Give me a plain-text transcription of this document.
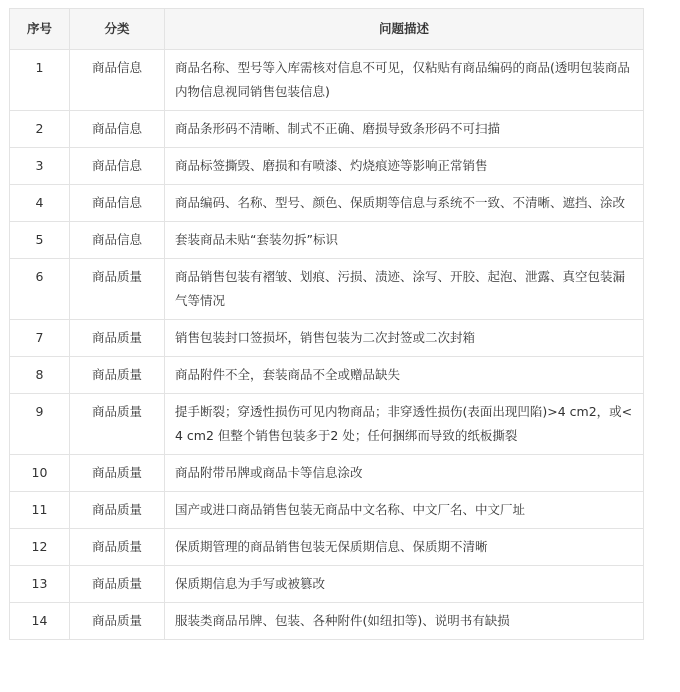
序号	分类	问题描述
1	商品信息	商品名称、型号等入库需核对信息不可见，仅粘贴有商品编码的商品(透明包装商品内物信息视同销售包装信息)
2	商品信息	商品条形码不清晰、制式不正确、磨损导致条形码不可扫描
3	商品信息	商品标签撕毁、磨损和有喷漆、灼烧痕迹等影响正常销售
4	商品信息	商品编码、名称、型号、颜色、保质期等信息与系统不一致、不清晰、遮挡、涂改
5	商品信息	套装商品未贴“套装勿拆”标识
6	商品质量	商品销售包装有褶皱、划痕、污损、渍迹、涂写、开胶、起泡、泄露、真空包装漏气等情况
7	商品质量	销售包装封口签损坏，销售包装为二次封签或二次封箱
8	商品质量	商品附件不全，套装商品不全或赠品缺失
9	商品质量	提手断裂；穿透性损伤可见内物商品；非穿透性损伤(表面出现凹陷)>4 cm2，或<4 cm2 但整个销售包装多于2 处；任何捆绑而导致的纸板撕裂
10	商品质量	商品附带吊牌或商品卡等信息涂改
11	商品质量	国产或进口商品销售包装无商品中文名称、中文厂名、中文厂址
12	商品质量	保质期管理的商品销售包装无保质期信息、保质期不清晰
13	商品质量	保质期信息为手写或被篡改
14	商品质量	服装类商品吊牌、包装、各种附件(如纽扣等)、说明书有缺损
